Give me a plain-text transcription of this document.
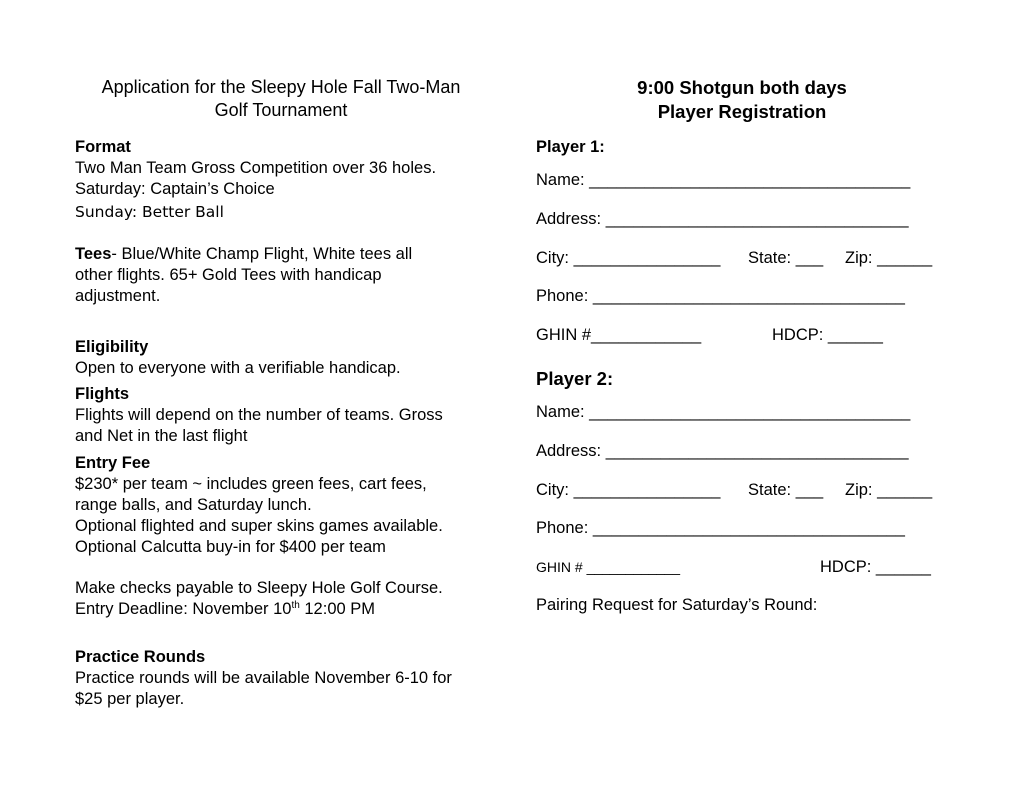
Application for the Sleepy Hole Fall Two-Man
Golf Tournament
Format
Two Man Team Gross Competition over 36 holes.
Saturday: Captain’s Choice
Sunday: Better Ball
Tees- Blue/White Champ Flight, White tees all
other flights. 65+ Gold Tees with handicap
adjustment.
Eligibility
Open to everyone with a verifiable handicap.
Flights
Flights will depend on the number of teams. Gross
and Net in the last flight
Entry Fee
$230* per team ~ includes green fees, cart fees,
range balls, and Saturday lunch.
Optional flighted and super skins games available.
Optional Calcutta buy-in for $400 per team
Make checks payable to Sleepy Hole Golf Course.
Entry Deadline: November 10th 12:00 PM
Practice Rounds
Practice rounds will be available November 6-10 for
$25 per player.
9:00 Shotgun both days
Player Registration
Player 1:
Name: ___________________________________
Address: _________________________________
City: ________________ State: ___ Zip: ______
Phone: __________________________________
GHIN #____________	HDCP: ______
Player 2:
Name: ___________________________________
Address: _________________________________
City: ________________ State: ___ Zip: ______
Phone: __________________________________
GHIN # ____________	HDCP: ______
Pairing Request for Saturday’s Round:
